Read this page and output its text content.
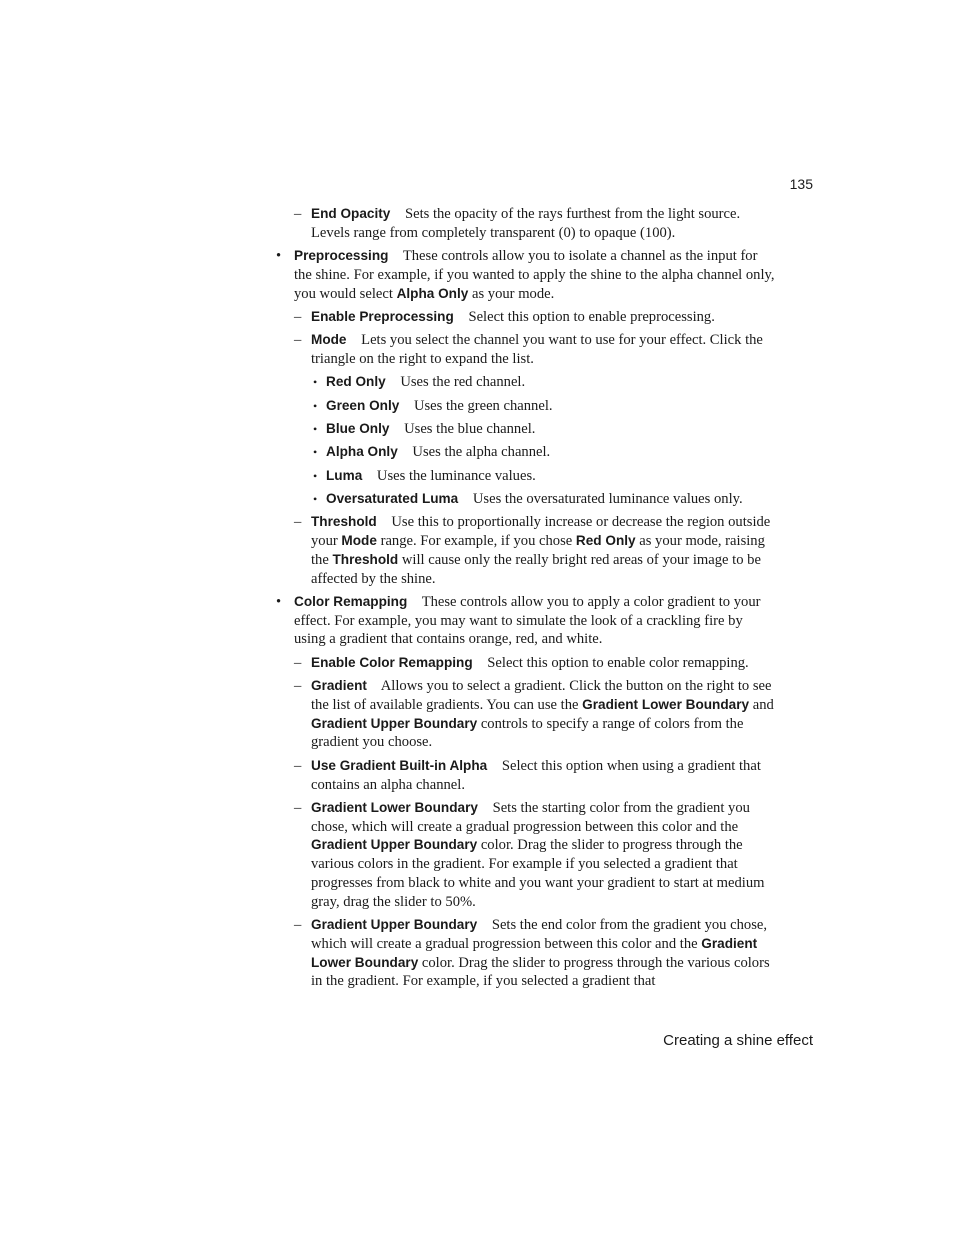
135
– End Opacity Sets the opacity of the rays furthest from the light source. Levels range from completely transparent (0) to opaque (100).
• Preprocessing These controls allow you to isolate a channel as the input for the shine. For example, if you wanted to apply the shine to the alpha channel only, you would select Alpha Only as your mode.
– Enable Preprocessing Select this option to enable preprocessing.
– Mode Lets you select the channel you want to use for your effect. Click the triangle on the right to expand the list.
• Red Only Uses the red channel.
• Green Only Uses the green channel.
• Blue Only Uses the blue channel.
• Alpha Only Uses the alpha channel.
• Luma Uses the luminance values.
• Oversaturated Luma Uses the oversaturated luminance values only.
– Threshold Use this to proportionally increase or decrease the region outside your Mode range. For example, if you chose Red Only as your mode, raising the Threshold will cause only the really bright red areas of your image to be affected by the shine.
• Color Remapping These controls allow you to apply a color gradient to your effect. For example, you may want to simulate the look of a crackling fire by using a gradient that contains orange, red, and white.
– Enable Color Remapping Select this option to enable color remapping.
– Gradient Allows you to select a gradient. Click the button on the right to see the list of available gradients. You can use the Gradient Lower Boundary and Gradient Upper Boundary controls to specify a range of colors from the gradient you choose.
– Use Gradient Built-in Alpha Select this option when using a gradient that contains an alpha channel.
– Gradient Lower Boundary Sets the starting color from the gradient you chose, which will create a gradual progression between this color and the Gradient Upper Boundary color. Drag the slider to progress through the various colors in the gradient. For example if you selected a gradient that progresses from black to white and you want your gradient to start at medium gray, drag the slider to 50%.
– Gradient Upper Boundary Sets the end color from the gradient you chose, which will create a gradual progression between this color and the Gradient Lower Boundary color. Drag the slider to progress through the various colors in the gradient. For example, if you selected a gradient that
Creating a shine effect
